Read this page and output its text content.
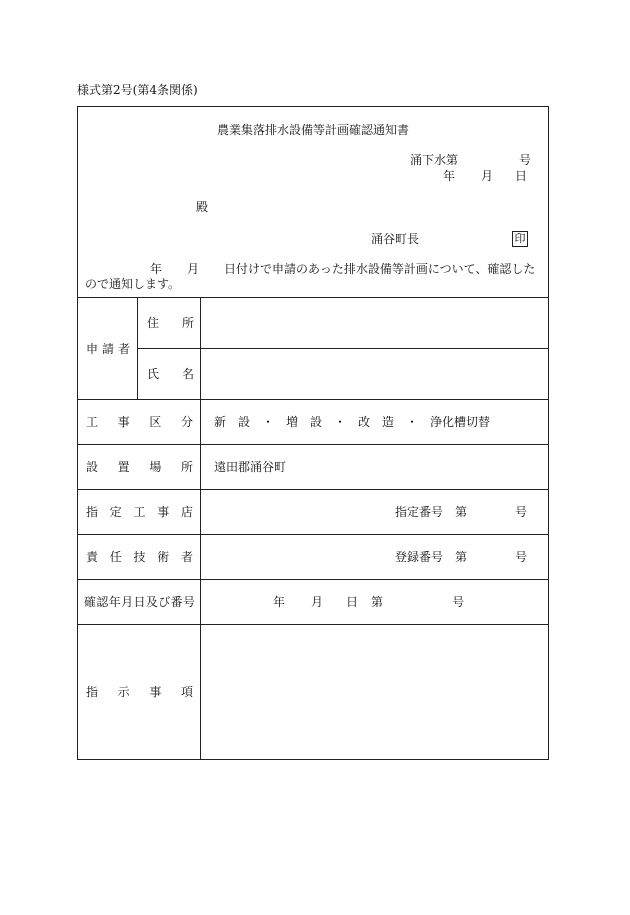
様式第2号(第4条関係)
農業集落排水設備等計画確認通知書
涌下水第	号
年 月 日
殿
涌谷町長	印
年 月 日付けで申請のあった排水設備等計画について、確認した
ので通知します。
申請者	住所	

	氏名	

工事区分		新　設　・　増　設　・　改　造　・　浄化槽切替

設置場所		遠田郡涌谷町

指定工事店		指定番号 第 号

責任技術者		登録番号 第 号

確認年月日及び番号		年 月 日 第 号

指示事項		
